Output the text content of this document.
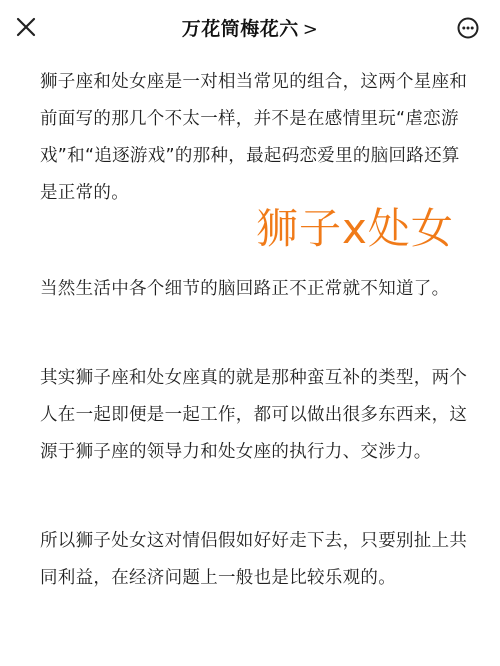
万花筒梅花六 >

狮子座和处女座是一对相当常见的组合，这两个星座和前面写的那几个不太一样，并不是在感情里玩“虐恋游戏”和“追逐游戏”的那种，最起码恋爱里的脑回路还算是正常的。

当然生活中各个细节的脑回路正不正常就不知道了。

其实狮子座和处女座真的就是那种蛮互补的类型，两个人在一起即便是一起工作，都可以做出很多东西来，这源于狮子座的领导力和处女座的执行力、交涉力。

所以狮子处女这对情侣假如好好走下去，只要别扯上共同利益，在经济问题上一般也是比较乐观的。

狮子x处女
